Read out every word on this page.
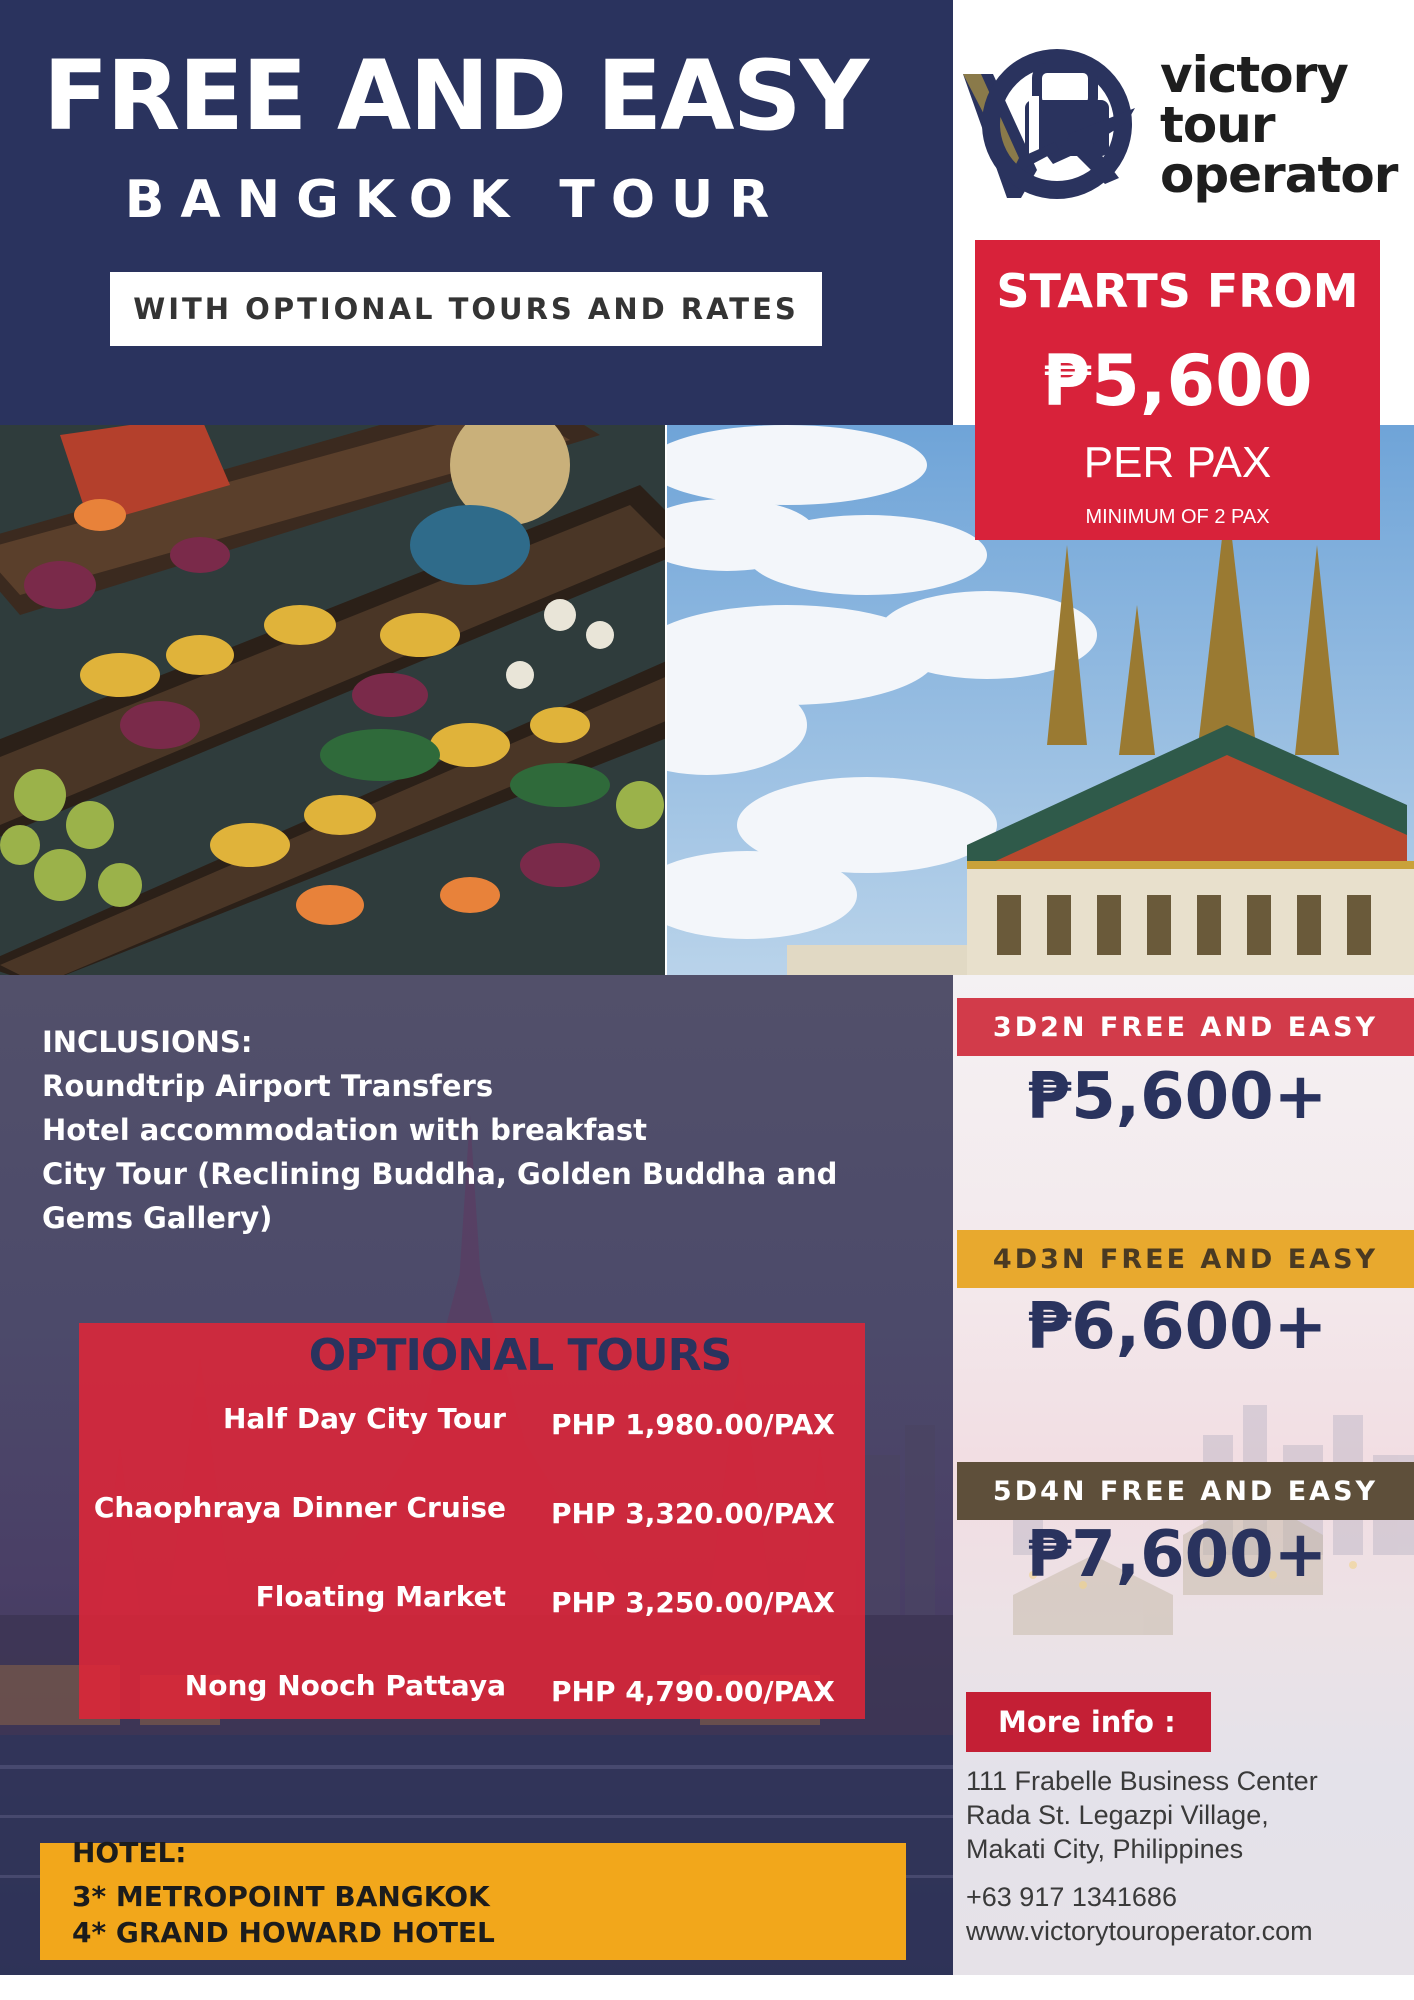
FREE AND EASY
BANGKOK TOUR
WITH OPTIONAL TOURS AND RATES
victory
tour
operator
STARTS FROM
₱5,600
PER PAX
MINIMUM OF 2 PAX
INCLUSIONS:
Roundtrip Airport Transfers
Hotel accommodation with breakfast
City Tour (Reclining Buddha, Golden Buddha and Gems Gallery)
OPTIONAL TOURS
Half Day City Tour PHP 1,980.00/PAX
Chaophraya Dinner Cruise PHP 3,320.00/PAX
Floating Market PHP 3,250.00/PAX
Nong Nooch Pattaya PHP 4,790.00/PAX
HOTEL:
3* METROPOINT BANGKOK
4* GRAND HOWARD HOTEL
3D2N FREE AND EASY
₱5,600+
4D3N FREE AND EASY
₱6,600+
5D4N FREE AND EASY
₱7,600+
More info :
111 Frabelle Business Center
Rada St. Legazpi Village,
Makati City, Philippines
+63 917 1341686
www.victorytouroperator.com
